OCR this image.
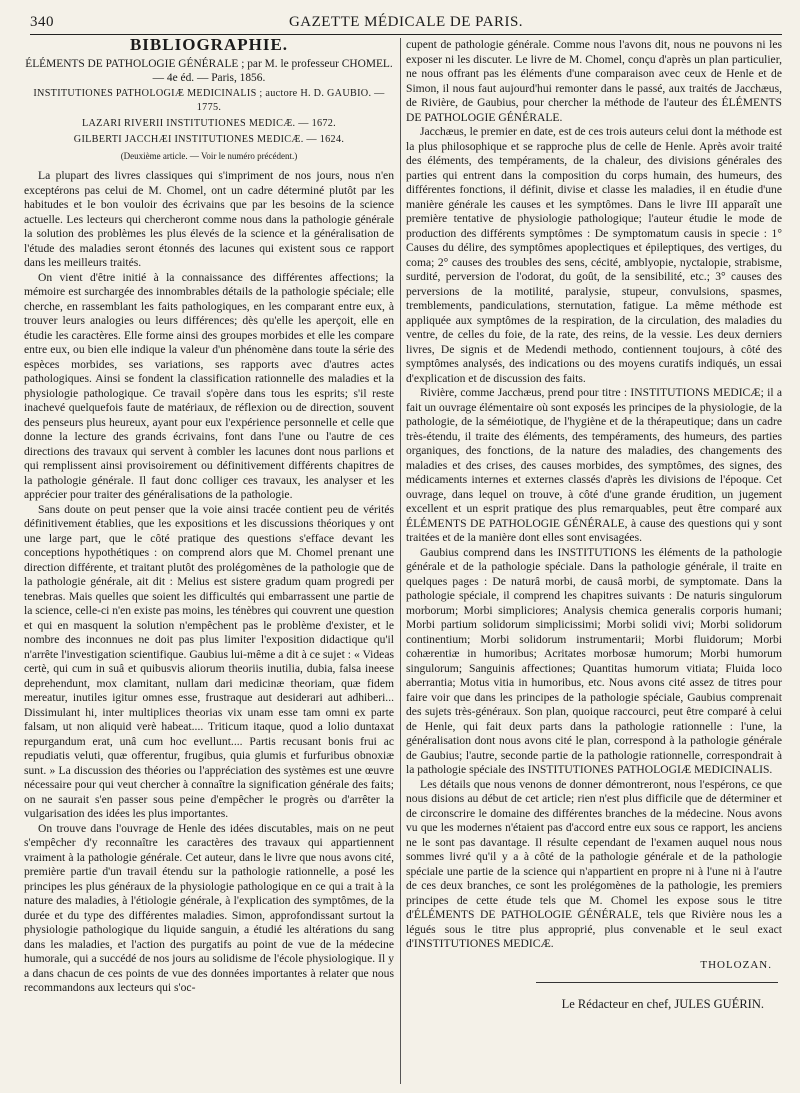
340	GAZETTE MÉDICALE DE PARIS.
BIBLIOGRAPHIE.
ÉLÉMENTS DE PATHOLOGIE GÉNÉRALE ; par M. le professeur CHOMEL. — 4e éd. — Paris, 1856.
INSTITUTIONES PATHOLOGIÆ MEDICINALIS ; auctore H. D. GAUBIO. — 1775.
LAZARI RIVERII INSTITUTIONES MEDICÆ. — 1672.
GILBERTI JACCHÆI INSTITUTIONES MEDICÆ. — 1624.
(Deuxième article. — Voir le numéro précédent.)

La plupart des livres classiques qui s'impriment de nos jours, nous n'en exceptérons pas celui de M. Chomel, ont un cadre déterminé plutôt par les habitudes et le bon vouloir des écrivains que par les besoins de la science actuelle. Les lecteurs qui chercheront comme nous dans la pathologie générale la solution des problèmes les plus élevés de la science et la généralisation de l'étude des maladies seront étonnés des lacunes qui existent sous ce rapport dans les meilleurs traités.

On vient d'être initié à la connaissance des différentes affections; la mémoire est surchargée des innombrables détails de la pathologie spéciale; elle cherche, en rassemblant les faits pathologiques, en les comparant entre eux, à trouver leurs analogies ou leurs différences; dès qu'elle les aperçoit, elle en étudie les caractères. Elle forme ainsi des groupes morbides et elle les compare entre eux, ou bien elle indique la valeur d'un phénomène dans toute la série des espèces morbides, ses variations, ses rapports avec d'autres actes pathologiques. Ainsi se fondent la classification rationnelle des maladies et la physiologie pathologique. Ce travail s'opère dans tous les esprits; s'il reste inachevé quelquefois faute de matériaux, de réflexion ou de direction, souvent des penseurs plus heureux, ayant pour eux l'expérience personnelle et celle que donne la lecture des grands écrivains, font dans l'une ou l'autre de ces directions des travaux qui servent à combler les lacunes dont nous parlions et qui remplissent ainsi provisoirement ou définitivement différents chapitres de la pathologie générale. Il faut donc colliger ces travaux, les analyser et les apprécier pour traiter des généralisations de la pathologie.

Sans doute on peut penser que la voie ainsi tracée contient peu de vérités définitivement établies, que les expositions et les discussions théoriques y ont une large part, que le côté pratique des questions s'efface devant les conceptions hypothétiques : on comprend alors que M. Chomel prenant une direction différente, et traitant plutôt des prolégomènes de la pathologie que de la pathologie générale, ait dit : Melius est sistere gradum quam progredi per tenebras. Mais quelles que soient les difficultés qui embarrassent une partie de la science, celle-ci n'en existe pas moins, les ténèbres qui couvrent une question et qui en masquent la solution n'empêchent pas le problème d'exister, et le nombre des inconnues ne doit pas plus limiter l'exposition didactique qu'il n'arrête l'investigation scientifique. Gaubius lui-même a dit à ce sujet : « Videas certè, qui cum in suâ et quibusvis aliorum theoriis inutilia, dubia, falsa ineese deprehendunt, mox clamitant, nullam dari medicinæ theoriam, quæ fidem mereatur, inutiles igitur omnes esse, frustraque aut desiderari aut adhiberi... Dissimulant hi, inter multiplices theorias vix unam esse tam omni ex parte falsam, ut non aliquid verè habeat.... Triticum itaque, quod a lolio duntaxat repurgandum erat, unâ cum hoc evellunt.... Partis recusant bonis frui ac repudiatis veluti, quæ offerentur, frugibus, quia glumis et furfuribus obnoxiæ sunt. » La discussion des théories ou l'appréciation des systèmes est une œuvre nécessaire pour qui veut chercher à connaître la signification générale des faits; on ne saurait s'en passer sous peine d'empêcher le progrès ou d'arrêter la vulgarisation des idées les plus importantes.

On trouve dans l'ouvrage de Henle des idées discutables, mais on ne peut s'empêcher d'y reconnaître les caractères des travaux qui appartiennent vraiment à la pathologie générale. Cet auteur, dans le livre que nous avons cité, première partie d'un travail étendu sur la pathologie rationnelle, a posé les principes les plus généraux de la physiologie pathologique en ce qui a trait à la nature des maladies, à l'étiologie générale, à l'explication des symptômes, de la durée et du type des différentes maladies. Simon, approfondissant surtout la physiologie pathologique du liquide sanguin, a étudié les altérations du sang dans les maladies, et l'action des purgatifs au point de vue de la médecine humorale, qui a succédé de nos jours au solidisme de l'école physiologique. Il y a dans chacun de ces points de vue des données importantes à relater que nous recommandons aux lecteurs qui s'oc-

cupent de pathologie générale. Comme nous l'avons dit, nous ne pouvons ni les exposer ni les discuter. Le livre de M. Chomel, conçu d'après un plan particulier, ne nous offrant pas les éléments d'une comparaison avec ceux de Henle et de Simon, il nous faut aujourd'hui remonter dans le passé, aux traités de Jacchæus, de Rivière, de Gaubius, pour chercher la méthode de l'auteur des ÉLÉMENTS DE PATHOLOGIE GÉNÉRALE.

Jacchæus, le premier en date, est de ces trois auteurs celui dont la méthode est la plus philosophique et se rapproche plus de celle de Henle. Après avoir traité des éléments, des tempéraments, de la chaleur, des divisions générales des parties qui entrent dans la composition du corps humain, des humeurs, des différentes fonctions, il définit, divise et classe les maladies, il en étudie d'une manière générale les causes et les symptômes. Dans le livre III apparaît une première tentative de physiologie pathologique; l'auteur étudie le mode de production des différents symptômes : De symptomatum causis in specie : 1° Causes du délire, des symptômes apoplectiques et épileptiques, des vertiges, du coma; 2° causes des troubles des sens, cécité, amblyopie, nyctalopie, strabisme, surdité, perversion de l'odorat, du goût, de la sensibilité, etc.; 3° causes des perversions de la motilité, paralysie, stupeur, convulsions, spasmes, tremblements, pandiculations, sternutation, fatigue. La même méthode est appliquée aux symptômes de la respiration, de la circulation, des maladies du ventre, de celles du foie, de la rate, des reins, de la vessie. Les deux derniers livres, De signis et de Medendi methodo, contiennent toujours, à côté des symptômes analysés, des indications ou des moyens curatifs indiqués, un essai d'explication et de discussion des faits.

Rivière, comme Jacchæus, prend pour titre : INSTITUTIONS MEDICÆ; il a fait un ouvrage élémentaire où sont exposés les principes de la physiologie, de la pathologie, de la séméiotique, de l'hygiène et de la thérapeutique; dans un cadre très-étendu, il traite des éléments, des tempéraments, des humeurs, des parties organiques, des fonctions, de la nature des maladies, des changements des maladies et des crises, des causes morbides, des symptômes, des signes, des médicaments internes et externes classés d'après les divisions de l'époque. Cet ouvrage, dans lequel on trouve, à côté d'une grande érudition, un jugement excellent et un esprit pratique des plus remarquables, peut être comparé aux ÉLÉMENTS DE PATHOLOGIE GÉNÉRALE, à cause des questions qui y sont traitées et de la manière dont elles sont envisagées.

Gaubius comprend dans les INSTITUTIONS les éléments de la pathologie générale et de la pathologie spéciale. Dans la pathologie générale, il traite en quelques pages : De naturâ morbi, de causâ morbi, de symptomate. Dans la pathologie spéciale, il comprend les chapitres suivants : De naturis singulorum morborum; Morbi simpliciores; Analysis chemica generalis corporis humani; Morbi partium solidorum simplicissimi; Morbi solidi vivi; Morbi solidorum continentium; Morbi solidorum instrumentarii; Morbi fluidorum; Morbi cohærentiæ in humoribus; Acritates morbosæ humorum; Morbi humorum singulorum; Sanguinis affectiones; Quantitas humorum vitiata; Fluida loco aberrantia; Motus vitia in humoribus, etc. Nous avons cité assez de titres pour faire voir que dans les principes de la pathologie spéciale, Gaubius comprenait des sujets très-généraux. Son plan, quoique raccourci, peut être comparé à celui de Henle, qui fait deux parts dans la pathologie rationnelle : l'une, la généralisation dont nous avons cité le plan, correspond à la pathologie générale de Gaubius; l'autre, seconde partie de la pathologie rationnelle, correspondrait à la pathologie spéciale des INSTITUTIONES PATHOLOGIÆ MEDICINALIS.

Les détails que nous venons de donner démontreront, nous l'espérons, ce que nous disions au début de cet article; rien n'est plus difficile que de déterminer et de circonscrire le domaine des différentes branches de la médecine. Nous avons vu que les modernes n'étaient pas d'accord entre eux sous ce rapport, les anciens ne le sont pas davantage. Il résulte cependant de l'examen auquel nous nous sommes livré qu'il y a à côté de la pathologie générale et de la pathologie spéciale une partie de la science qui n'appartient en propre ni à l'une ni à l'autre de ces deux branches, ce sont les prolégomènes de la pathologie, les premiers principes de cette étude tels que M. Chomel les expose sous le titre d'ÉLÉMENTS DE PATHOLOGIE GÉNÉRALE, tels que Rivière nous les a légués sous le titre plus approprié, plus convenable et le seul exact d'INSTITUTIONES MEDICÆ.

THOLOZAN.
Le Rédacteur en chef, JULES GUÉRIN.
